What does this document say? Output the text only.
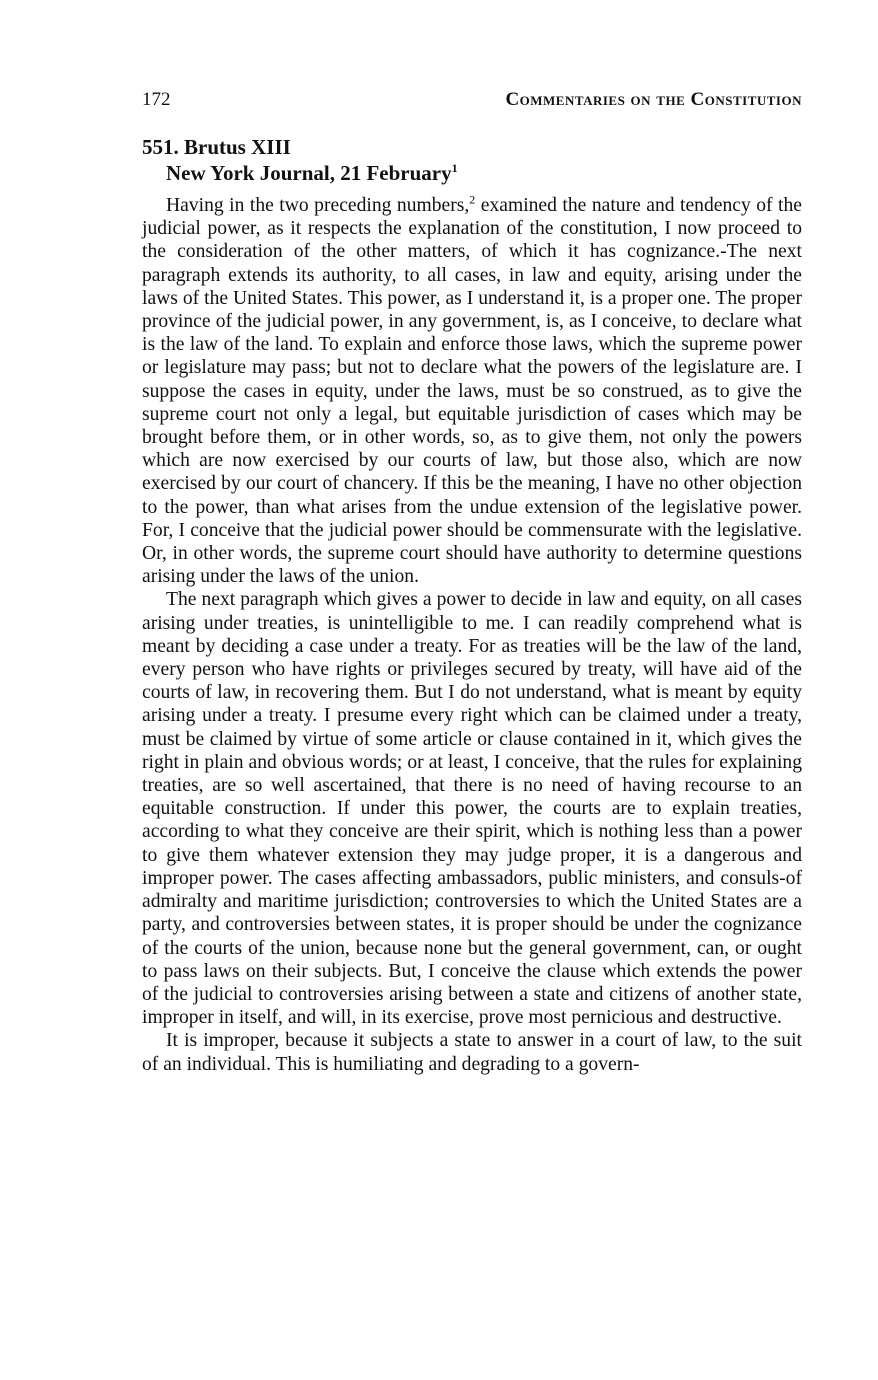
172	Commentaries on the Constitution
551. Brutus XIII
New York Journal, 21 February$^1$

Having in the two preceding numbers,$^2$ examined the nature and tendency of the judicial power, as it respects the explanation of the constitution, I now proceed to the consideration of the other matters, of which it has cognizance.-The next paragraph extends its authority, to all cases, in law and equity, arising under the laws of the United States. This power, as I understand it, is a proper one. The proper province of the judicial power, in any government, is, as I conceive, to declare what is the law of the land. To explain and enforce those laws, which the supreme power or legislature may pass; but not to declare what the powers of the legislature are. I suppose the cases in equity, under the laws, must be so construed, as to give the supreme court not only a legal, but equitable jurisdiction of cases which may be brought before them, or in other words, so, as to give them, not only the powers which are now exercised by our courts of law, but those also, which are now exercised by our court of chancery. If this be the meaning, I have no other objection to the power, than what arises from the undue extension of the legislative power. For, I conceive that the judicial power should be commensurate with the legislative. Or, in other words, the supreme court should have authority to determine questions arising under the laws of the union.

The next paragraph which gives a power to decide in law and equity, on all cases arising under treaties, is unintelligible to me. I can readily comprehend what is meant by deciding a case under a treaty. For as treaties will be the law of the land, every person who have rights or privileges secured by treaty, will have aid of the courts of law, in recovering them. But I do not understand, what is meant by equity arising under a treaty. I presume every right which can be claimed under a treaty, must be claimed by virtue of some article or clause contained in it, which gives the right in plain and obvious words; or at least, I conceive, that the rules for explaining treaties, are so well ascertained, that there is no need of having recourse to an equitable construction. If under this power, the courts are to explain treaties, according to what they conceive are their spirit, which is nothing less than a power to give them whatever extension they may judge proper, it is a dangerous and improper power. The cases affecting ambassadors, public ministers, and consuls-of admiralty and maritime jurisdiction; controversies to which the United States are a party, and controversies between states, it is proper should be under the cognizance of the courts of the union, because none but the general government, can, or ought to pass laws on their subjects. But, I conceive the clause which extends the power of the judicial to controversies arising between a state and citizens of another state, improper in itself, and will, in its exercise, prove most pernicious and destructive.

It is improper, because it subjects a state to answer in a court of law, to the suit of an individual. This is humiliating and degrading to a govern-
